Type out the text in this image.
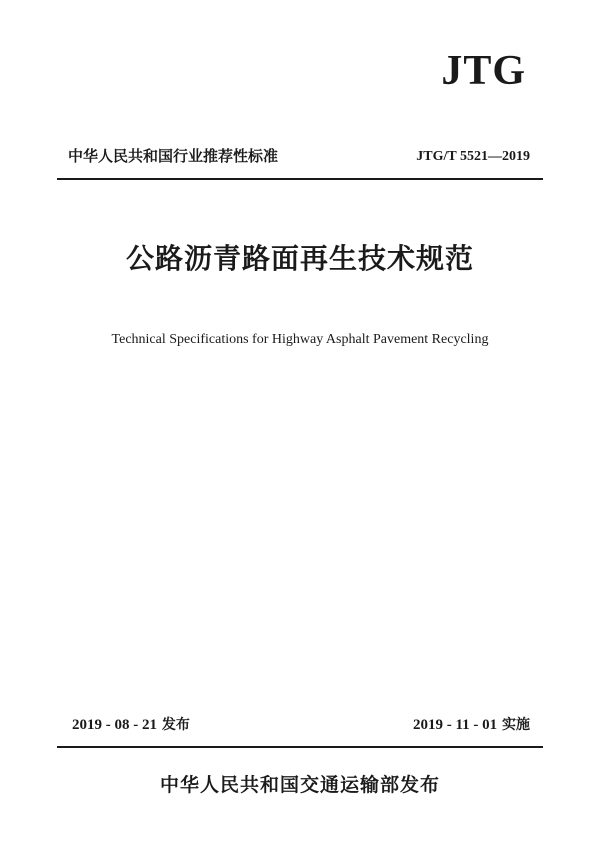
JTG
中华人民共和国行业推荐性标准	JTG/T 5521—2019
公路沥青路面再生技术规范
Technical Specifications for Highway Asphalt Pavement Recycling
2019 - 08 - 21 发布	2019 - 11 - 01 实施
中华人民共和国交通运输部发布
